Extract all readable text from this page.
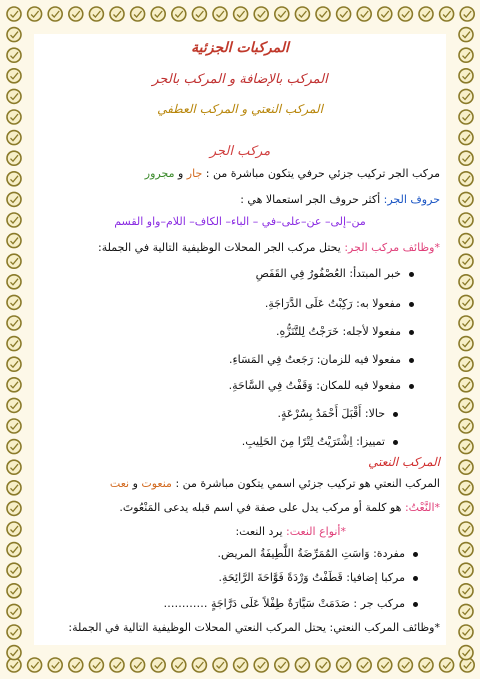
المركبات الجزئية
المركب بالإضافة و المركب بالجر
المركب النعتي و المركب العطفي
مركب الجر
مركب الجر تركيب جزئي حرفي يتكون مباشرة من : جار و مجرور
حروف الجر: أكثر حروف الجر استعمالا هي :
من–إلى– عن–على–في – الباء– الكاف– اللام–واو القسم
*وظائف مركب الجر: يحتل مركب الجر المحلات الوظيفية التالية في الجملة:
خبر المبتدأ: العُصْفُورُ فِي القَفَصِ
مفعولا به: رَكِبْتُ عَلَى الدَّرَاجَةِ.
مفعولا لأجله: خَرَجْتُ لِلتَّنَزُّهِ.
مفعولا فيه للزمان: رَجَعتُ فِي المَسَاءِ.
مفعولا فيه للمكان: وَقَفْتُ فِي السَّاحَةِ.
حالا: أَقْبَلَ أَحْمَدُ بِسُرْعَةٍ.
تمييزا: اِشْتَرَيْتُ لِتْرًا مِنَ الحَلِيبِ.
المركب النعتي
المركب النعتي هو تركيب جزئي اسمي يتكون مباشرة من : منعوت و نعت
*النَّعْتُ: هو كلمة أو مركب يدل على صفة في اسم قبله يدعى المَنْعُوتَ.
*أنواع النعت: يرد النعت:
مفردة: وَاسَتِ المُمَرِّضَةُ اللَّطِيفَةُ المريض.
مركبا إضافيا: قَطَفْتُ وَرْدَةً فَوَّاحَةَ الرَّائِحَةِ.
مركب جر : صَدَمَتْ سَيَّارَةٌ طِفْلاً عَلَى دَرَّاجَةٍ …………
*وظائف المركب النعتي: يحتل المركب النعتي المحلات الوظيفية التالية في الجملة:
